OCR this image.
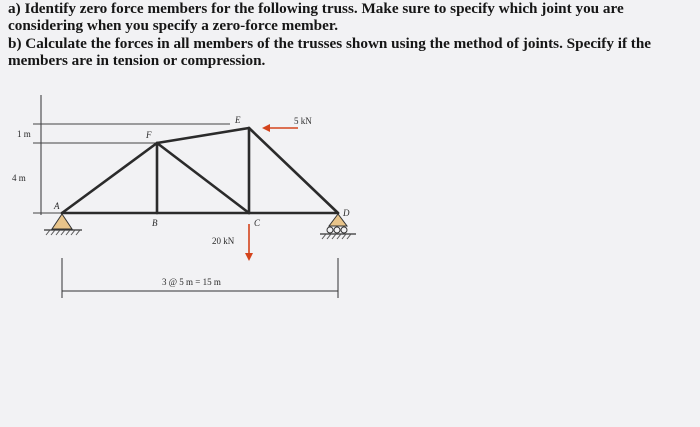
a) Identify zero force members for the following truss. Make sure to specify which joint you are considering when you specify a zero-force member.

b) Calculate the forces in all members of the trusses shown using the method of joints. Specify if the members are in tension or compression.

1 m
4 m
A
B	C
D
E
F
5 kN
20 kN
3 @ 5 m = 15 m
